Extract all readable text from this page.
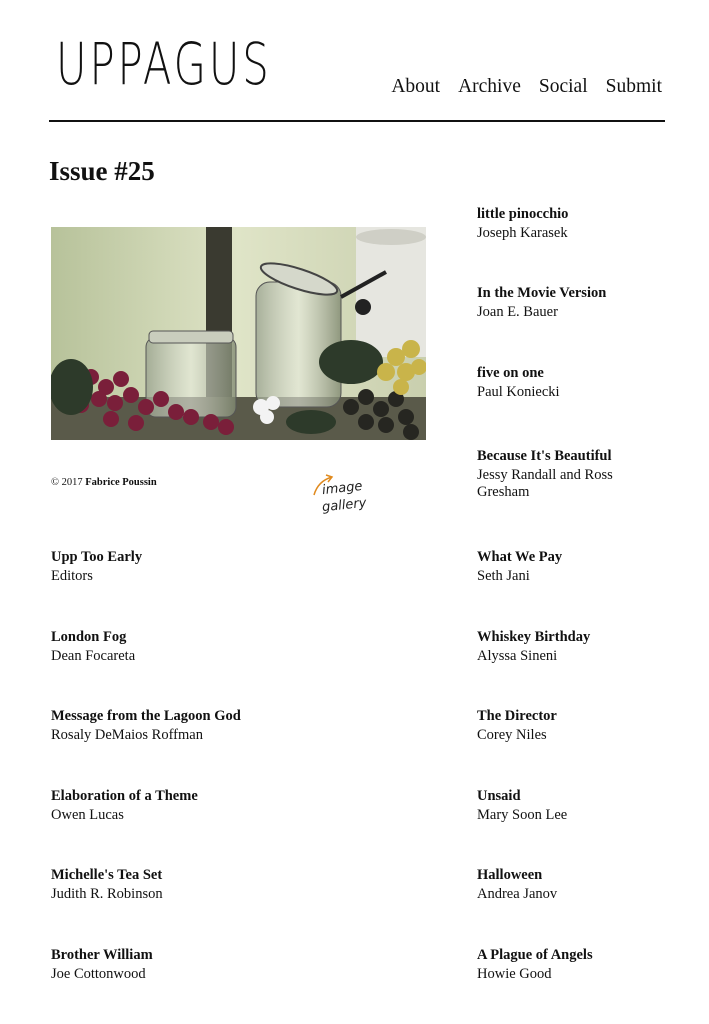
UPPAGUS	About Archive Social Submit
Issue #25
© 2017 Fabrice Poussin	image
gallery
Upp Too Early
Editors
London Fog
Dean Focareta
Message from the Lagoon God
Rosaly DeMaios Roffman
Elaboration of a Theme
Owen Lucas
Michelle's Tea Set
Judith R. Robinson
Brother William
Joe Cottonwood
little pinocchio
Joseph Karasek
In the Movie Version
Joan E. Bauer
five on one
Paul Koniecki
Because It's Beautiful
Jessy Randall and Ross Gresham
What We Pay
Seth Jani
Whiskey Birthday
Alyssa Sineni
The Director
Corey Niles
Unsaid
Mary Soon Lee
Halloween
Andrea Janov
A Plague of Angels
Howie Good
